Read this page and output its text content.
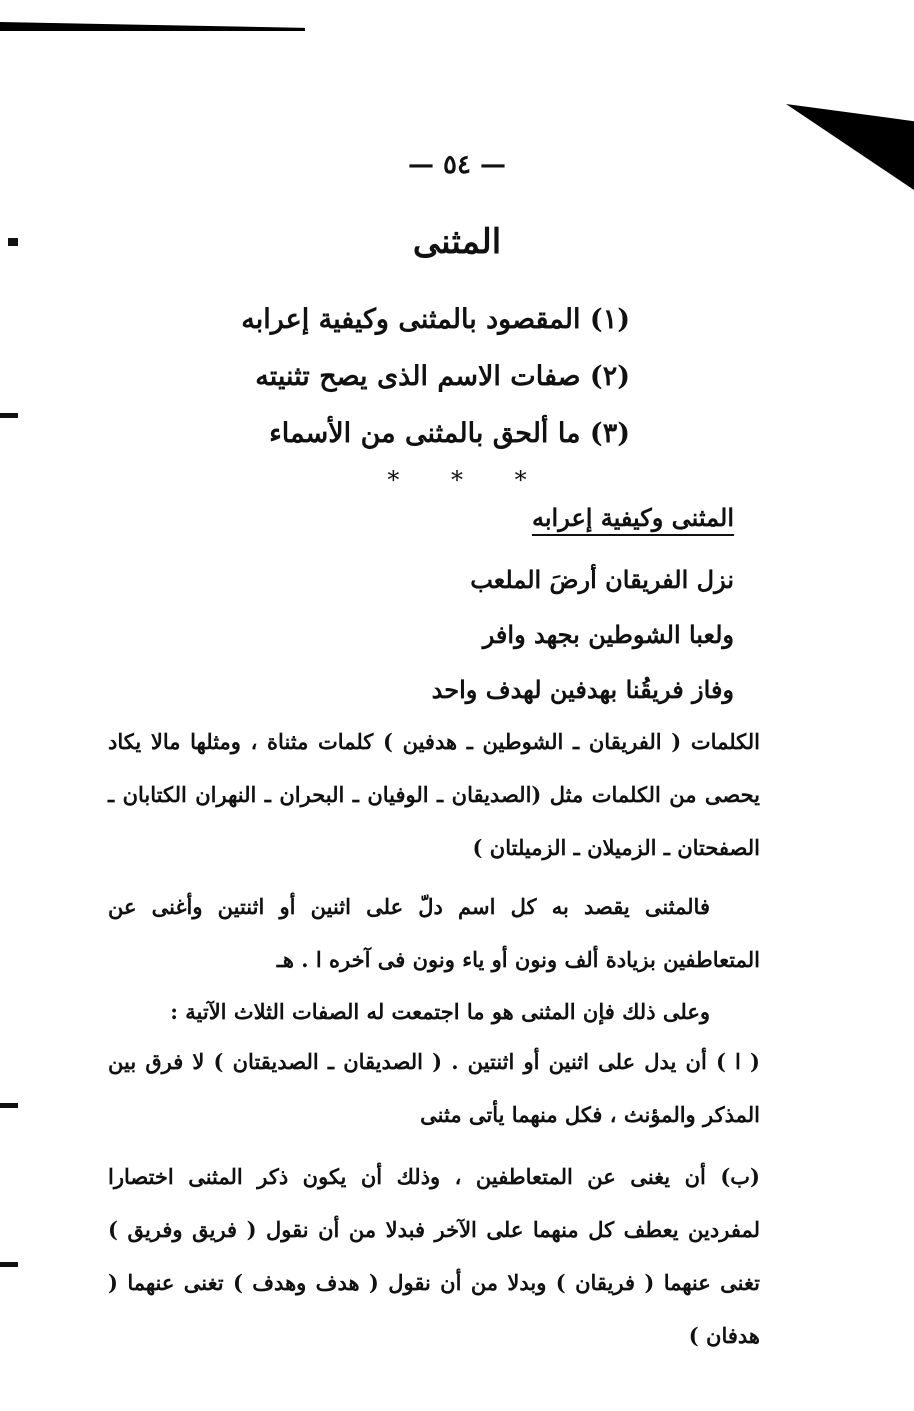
— ٥٤ —
المثنى
(١) المقصود بالمثنى وكيفية إعرابه
(٢) صفات الاسم الذى يصح تثنيته
(٣) ما ألحق بالمثنى من الأسماء
* * *
المثنى وكيفية إعرابه
نزل الفريقان أرضَ الملعب
ولعبا الشوطين بجهد وافر
وفاز فريقُنا بهدفين لهدف واحد

الكلمات ( الفريقان ـ الشوطين ـ هدفين ) كلمات مثناة ، ومثلها مالا يكاد يحصى من الكلمات مثل (الصديقان ـ الوفيان ـ البحران ـ النهران الكتابان ـ الصفحتان ـ الزميلان ـ الزميلتان )

فالمثنى يقصد به كل اسم دلّ على اثنين أو اثنتين وأغنى عن المتعاطفين بزيادة ألف ونون أو ياء ونون فى آخره ا . هـ

وعلى ذلك فإن المثنى هو ما اجتمعت له الصفات الثلاث الآتية :

( ا ) أن يدل على اثنين أو اثنتين . ( الصديقان ـ الصديقتان ) لا فرق بين المذكر والمؤنث ، فكل منهما يأتى مثنى

(ب) أن يغنى عن المتعاطفين ، وذلك أن يكون ذكر المثنى اختصارا لمفردين يعطف كل منهما على الآخر فبدلا من أن نقول ( فريق وفريق ) تغنى عنهما ( فريقان ) وبدلا من أن نقول ( هدف وهدف ) تغنى عنهما ( هدفان )
